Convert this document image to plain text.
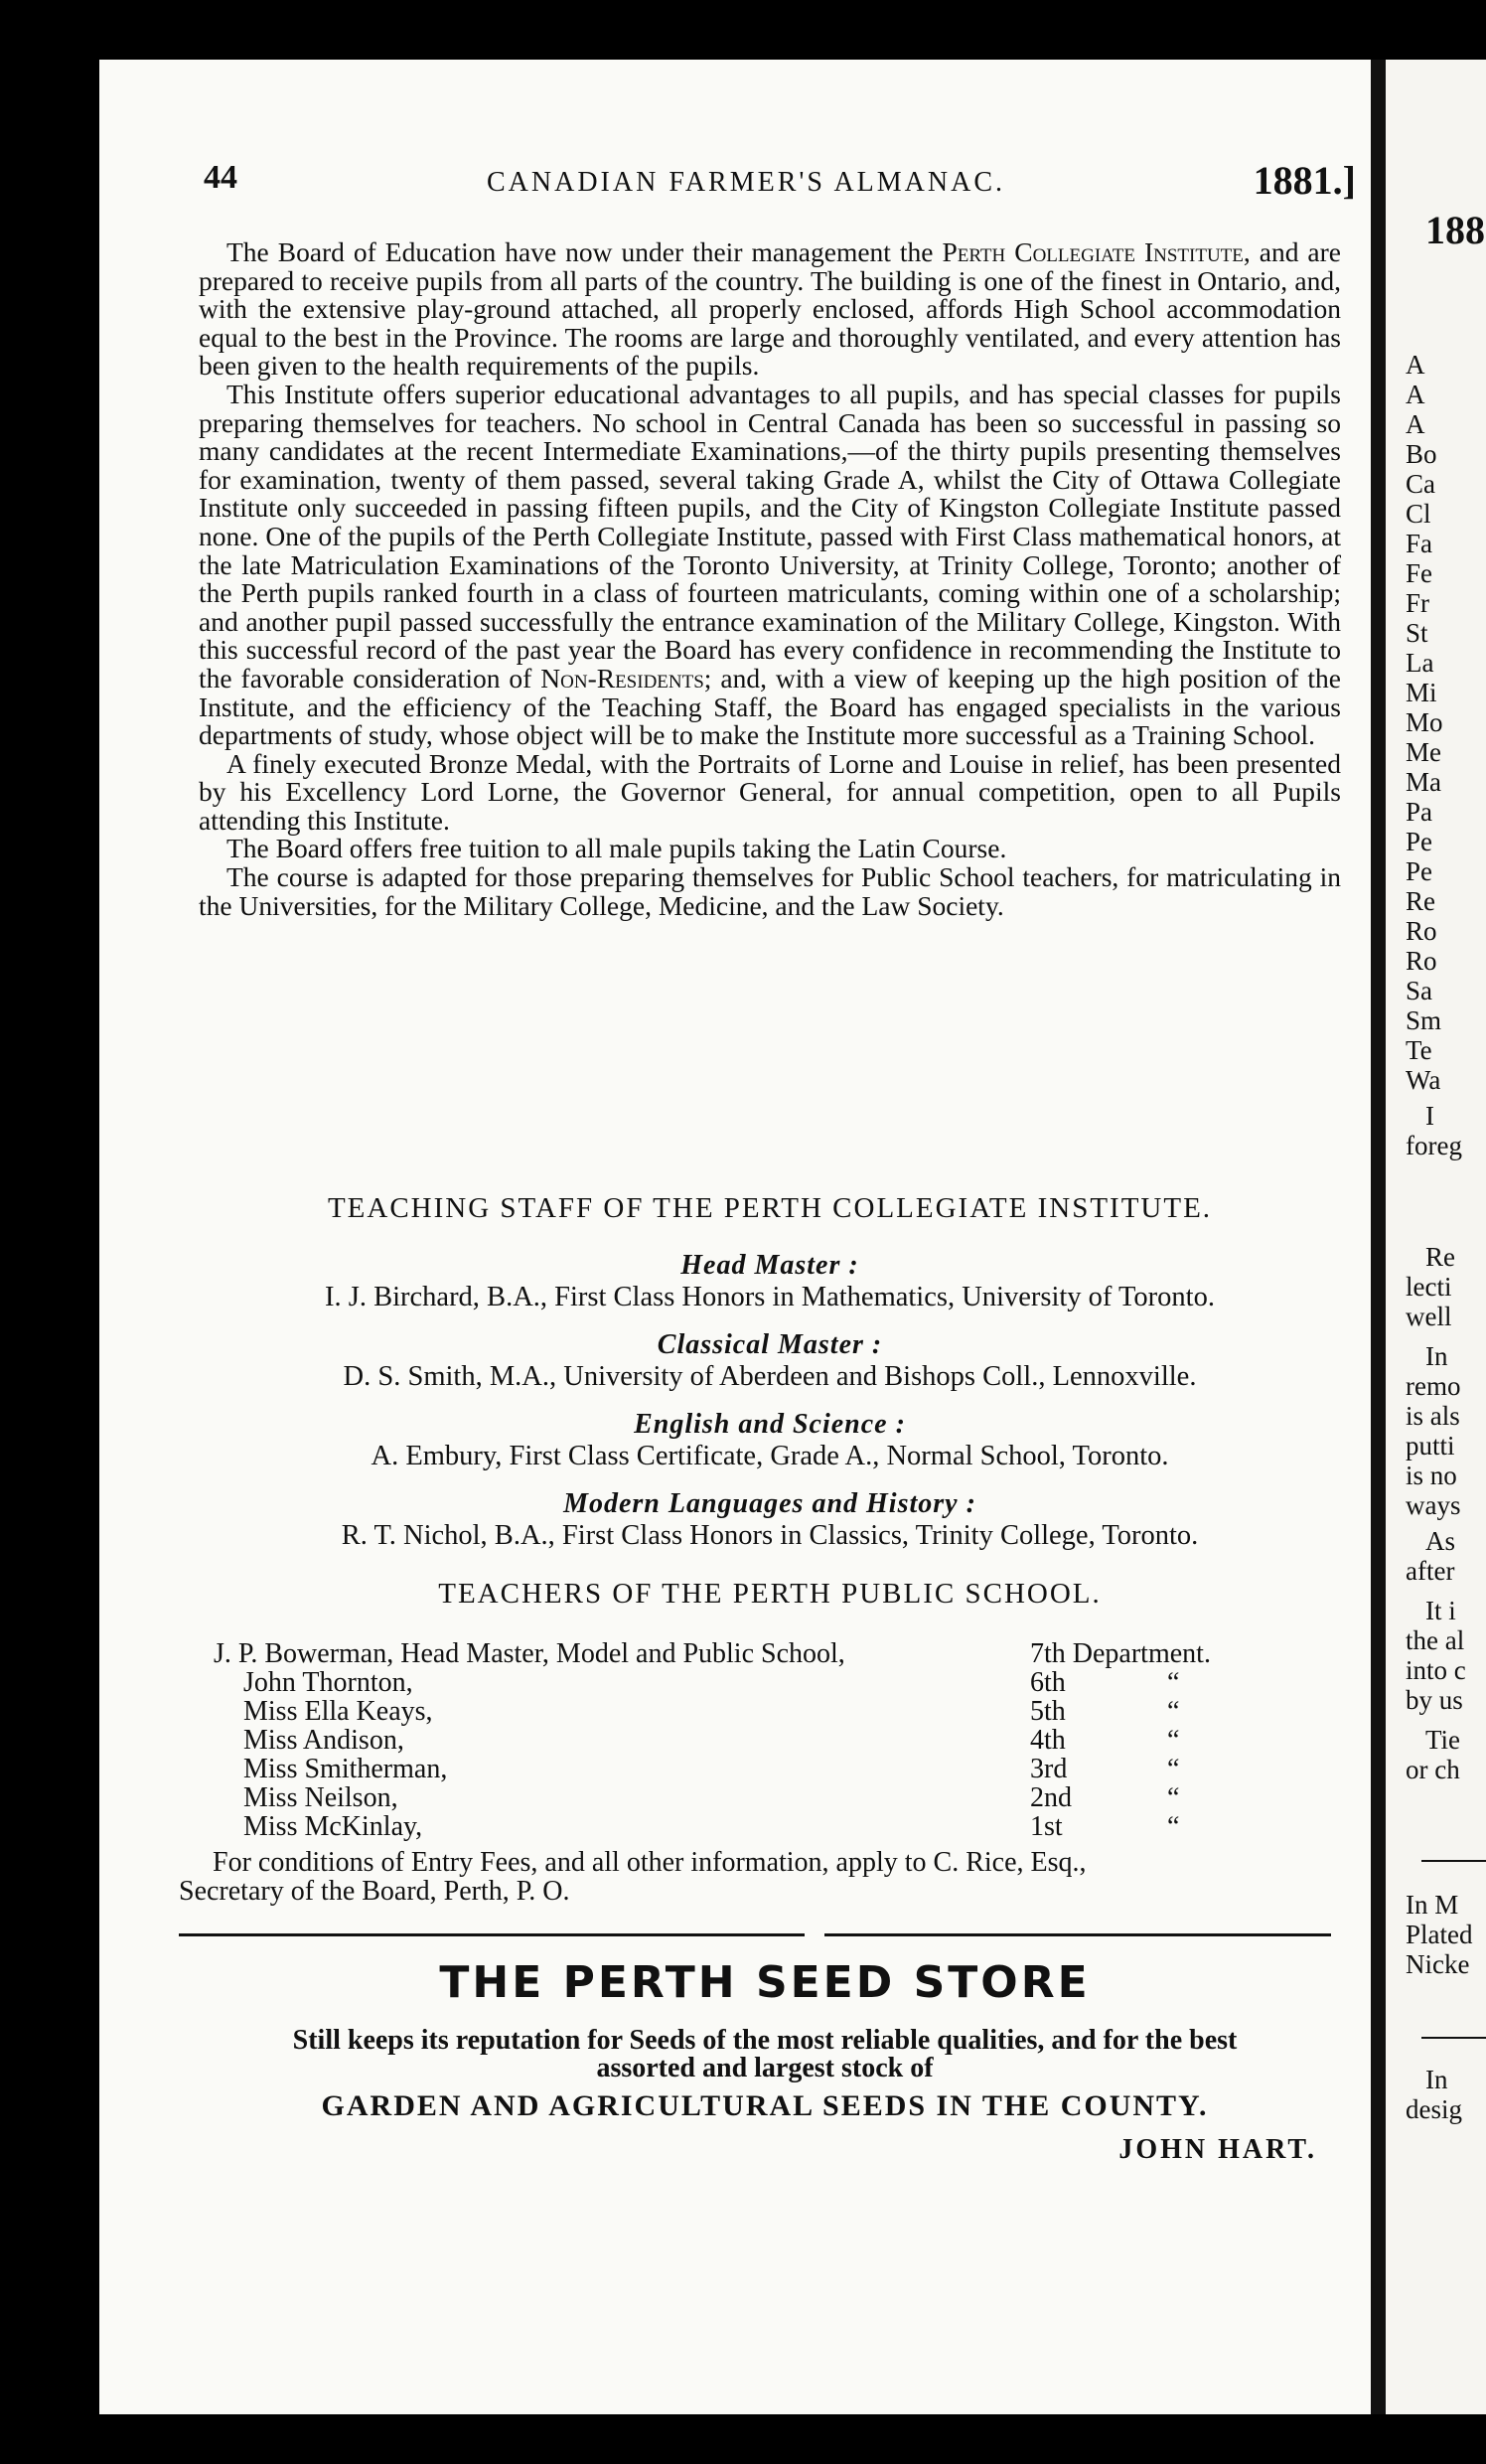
188
A
A
A
Bo
Ca
Cl
Fa
Fe
Fr
St
La
Mi
Mo
Me
Ma
Pa
Pe
Pe
Re
Ro
Ro
Sa
Sm
Te
Wa
I
foreg
Re
lecti
well
In
remo
is als
putti
is no
ways
As
after
It i
the al
into c
by us
Tie
or ch
In M
Plated
Nicke
In
desig
44	CANADIAN FARMER'S ALMANAC.	1881.]

The Board of Education have now under their management the Perth Collegiate Institute, and are prepared to receive pupils from all parts of the country. The building is one of the finest in Ontario, and, with the extensive play-ground attached, all properly enclosed, affords High School accommodation equal to the best in the Province. The rooms are large and thoroughly ventilated, and every attention has been given to the health requirements of the pupils.

This Institute offers superior educational advantages to all pupils, and has special classes for pupils preparing themselves for teachers. No school in Central Canada has been so successful in passing so many candidates at the recent Intermediate Examinations,—of the thirty pupils presenting themselves for examination, twenty of them passed, several taking Grade A, whilst the City of Ottawa Collegiate Institute only succeeded in passing fifteen pupils, and the City of Kingston Collegiate Institute passed none. One of the pupils of the Perth Collegiate Institute, passed with First Class mathematical honors, at the late Matriculation Examinations of the Toronto University, at Trinity College, Toronto; another of the Perth pupils ranked fourth in a class of fourteen matriculants, coming within one of a scholarship; and another pupil passed successfully the entrance examination of the Military College, Kingston. With this successful record of the past year the Board has every confidence in recommending the Institute to the favorable consideration of Non-Residents; and, with a view of keeping up the high position of the Institute, and the efficiency of the Teaching Staff, the Board has engaged specialists in the various departments of study, whose object will be to make the Institute more successful as a Training School.

A finely executed Bronze Medal, with the Portraits of Lorne and Louise in relief, has been presented by his Excellency Lord Lorne, the Governor General, for annual competition, open to all Pupils attending this Institute.

The Board offers free tuition to all male pupils taking the Latin Course.

The course is adapted for those preparing themselves for Public School teachers, for matriculating in the Universities, for the Military College, Medicine, and the Law Society.

TEACHING STAFF OF THE PERTH COLLEGIATE INSTITUTE.
Head Master :
I. J. Birchard, B.A., First Class Honors in Mathematics, University of Toronto.
Classical Master :
D. S. Smith, M.A., University of Aberdeen and Bishops Coll., Lennoxville.
English and Science :
A. Embury, First Class Certificate, Grade A., Normal School, Toronto.
Modern Languages and History :
R. T. Nichol, B.A., First Class Honors in Classics, Trinity College, Toronto.
TEACHERS OF THE PERTH PUBLIC SCHOOL.
J. P. Bowerman, Head Master, Model and Public School,	7th Department.
John Thornton,	6th	“
Miss Ella Keays,	5th	“
Miss Andison,	4th	“
Miss Smitherman,	3rd	“
Miss Neilson,	2nd	“
Miss McKinlay,	1st	“

For conditions of Entry Fees, and all other information, apply to C. Rice, Esq.,

Secretary of the Board, Perth, P. O.

THE PERTH SEED STORE
Still keeps its reputation for Seeds of the most reliable qualities, and for the best
assorted and largest stock of
GARDEN AND AGRICULTURAL SEEDS IN THE COUNTY.
JOHN HART.
